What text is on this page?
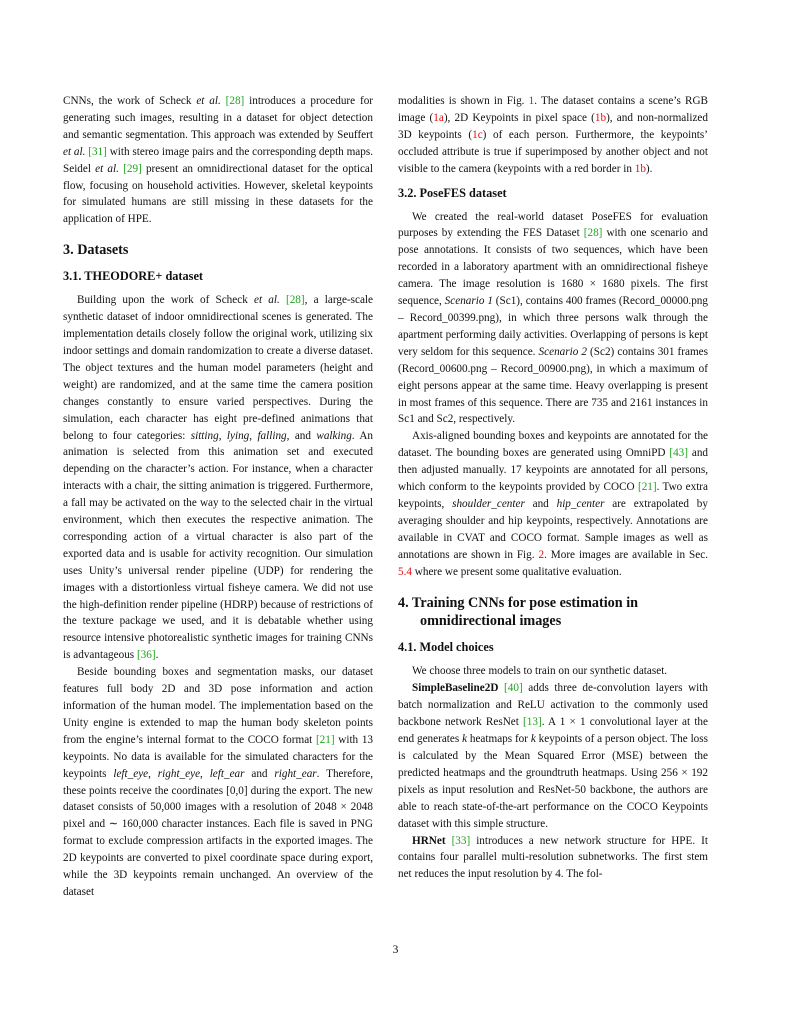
CNNs, the work of Scheck et al. [28] introduces a procedure for generating such images, resulting in a dataset for object detection and semantic segmentation. This approach was extended by Seuffert et al. [31] with stereo image pairs and the corresponding depth maps. Seidel et al. [29] present an omnidirectional dataset for the optical flow, focusing on household activities. However, skeletal keypoints for simulated humans are still missing in these datasets for the application of HPE.

3. Datasets
3.1. THEODORE+ dataset

Building upon the work of Scheck et al. [28], a large-scale synthetic dataset of indoor omnidirectional scenes is generated. The implementation details closely follow the original work, utilizing six indoor settings and domain randomization to create a diverse dataset. The object textures and the human model parameters (height and weight) are randomized, and at the same time the camera position changes constantly to ensure varied perspectives. During the simulation, each character has eight pre-defined animations that belong to four categories: sitting, lying, falling, and walking. An animation is selected from this animation set and executed depending on the character’s action. For instance, when a character interacts with a chair, the sitting animation is triggered. Furthermore, a fall may be activated on the way to the selected chair in the virtual environment, which then executes the respective animation. The corresponding action of a virtual character is also part of the exported data and is usable for activity recognition. Our simulation uses Unity’s universal render pipeline (UDP) for rendering the images with a distortionless virtual fisheye camera. We did not use the high-definition render pipeline (HDRP) because of restrictions of the texture package we used, and it is debatable whether using resource intensive photorealistic synthetic images for training CNNs is advantageous [36].

Beside bounding boxes and segmentation masks, our dataset features full body 2D and 3D pose information and action information of the human model. The implementation based on the Unity engine is extended to map the human body skeleton points from the engine’s internal format to the COCO format [21] with 13 keypoints. No data is available for the simulated characters for the keypoints left_eye, right_eye, left_ear and right_ear. Therefore, these points receive the coordinates [0,0] during the export. The new dataset consists of 50,000 images with a resolution of 2048 × 2048 pixel and ∼ 160,000 character instances. Each file is saved in PNG format to exclude compression artifacts in the exported images. The 2D keypoints are converted to pixel coordinate space during export, while the 3D keypoints remain unchanged. An overview of the dataset

modalities is shown in Fig. 1. The dataset contains a scene’s RGB image (1a), 2D Keypoints in pixel space (1b), and non-normalized 3D keypoints (1c) of each person. Furthermore, the keypoints’ occluded attribute is true if superimposed by another object and not visible to the camera (keypoints with a red border in 1b).

3.2. PoseFES dataset

We created the real-world dataset PoseFES for evaluation purposes by extending the FES Dataset [28] with one scenario and pose annotations. It consists of two sequences, which have been recorded in a laboratory apartment with an omnidirectional fisheye camera. The image resolution is 1680 × 1680 pixels. The first sequence, Scenario 1 (Sc1), contains 400 frames (Record_00000.png – Record_00399.png), in which three persons walk through the apartment performing daily activities. Overlapping of persons is kept very seldom for this sequence. Scenario 2 (Sc2) contains 301 frames (Record_00600.png – Record_00900.png), in which a maximum of eight persons appear at the same time. Heavy overlapping is present in most frames of this sequence. There are 735 and 2161 instances in Sc1 and Sc2, respectively.

Axis-aligned bounding boxes and keypoints are annotated for the dataset. The bounding boxes are generated using OmniPD [43] and then adjusted manually. 17 keypoints are annotated for all persons, which conform to the keypoints provided by COCO [21]. Two extra keypoints, shoulder_center and hip_center are extrapolated by averaging shoulder and hip keypoints, respectively. Annotations are available in CVAT and COCO format. Sample images as well as annotations are shown in Fig. 2. More images are available in Sec. 5.4 where we present some qualitative evaluation.

4. Training CNNs for pose estimation in omnidirectional images
4.1. Model choices

We choose three models to train on our synthetic dataset.

SimpleBaseline2D [40] adds three de-convolution layers with batch normalization and ReLU activation to the commonly used backbone network ResNet [13]. A 1 × 1 convolutional layer at the end generates k heatmaps for k keypoints of a person object. The loss is calculated by the Mean Squared Error (MSE) between the predicted heatmaps and the groundtruth heatmaps. Using 256 × 192 pixels as input resolution and ResNet-50 backbone, the authors are able to reach state-of-the-art performance on the COCO Keypoints dataset with this simple structure.

HRNet [33] introduces a new network structure for HPE. It contains four parallel multi-resolution subnetworks. The first stem net reduces the input resolution by 4. The fol-

3
